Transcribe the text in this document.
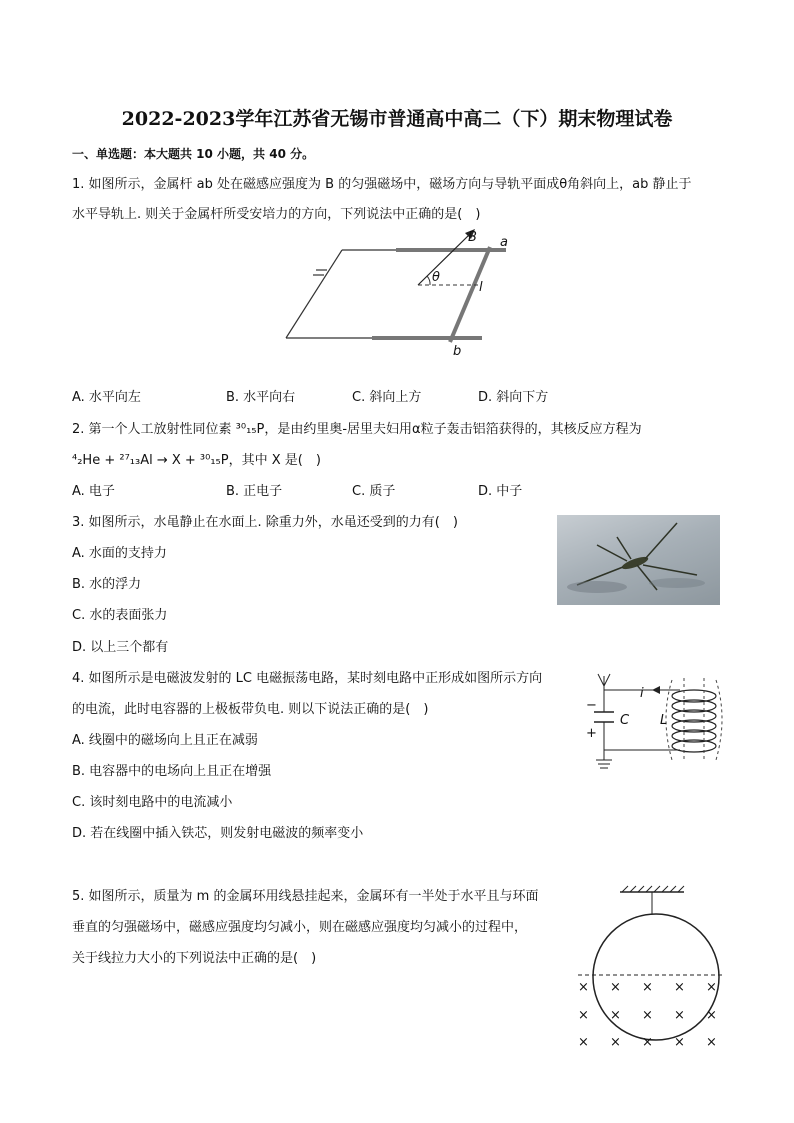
2022-2023学年江苏省无锡市普通高中高二（下）期末物理试卷
一、单选题：本大题共 10 小题，共 40 分。
1. 如图所示，金属杆 ab 处在磁感应强度为 B 的匀强磁场中，磁场方向与导轨平面成θ角斜向上，ab 静止于
水平导轨上. 则关于金属杆所受安培力的方向，下列说法中正确的是(　)
B a
θ
l
b
A. 水平向左	B. 水平向右	C. 斜向上方	D. 斜向下方
2. 第一个人工放射性同位素 ³⁰₁₅P，是由约里奥-居里夫妇用α粒子轰击铝箔获得的，其核反应方程为
⁴₂He + ²⁷₁₃Al → X + ³⁰₁₅P，其中 X 是(　)
A. 电子	B. 正电子	C. 质子	D. 中子
3. 如图所示，水黾静止在水面上. 除重力外，水黾还受到的力有(　)
A. 水面的支持力
B. 水的浮力
C. 水的表面张力
D. 以上三个都有
4. 如图所示是电磁波发射的 LC 电磁振荡电路，某时刻电路中正形成如图所示方向
的电流，此时电容器的上极板带负电. 则以下说法正确的是(　)
A. 线圈中的磁场向上且正在减弱
B. 电容器中的电场向上且正在增强
C. 该时刻电路中的电流减小
D. 若在线圈中插入铁芯，则发射电磁波的频率变小
i
C L
−
+
5. 如图所示，质量为 m 的金属环用线悬挂起来，金属环有一半处于水平且与环面
垂直的匀强磁场中，磁感应强度均匀减小，则在磁感应强度均匀减小的过程中，
关于线拉力大小的下列说法中正确的是(　)
× × × × ×
× × × × ×
× × × × ×
